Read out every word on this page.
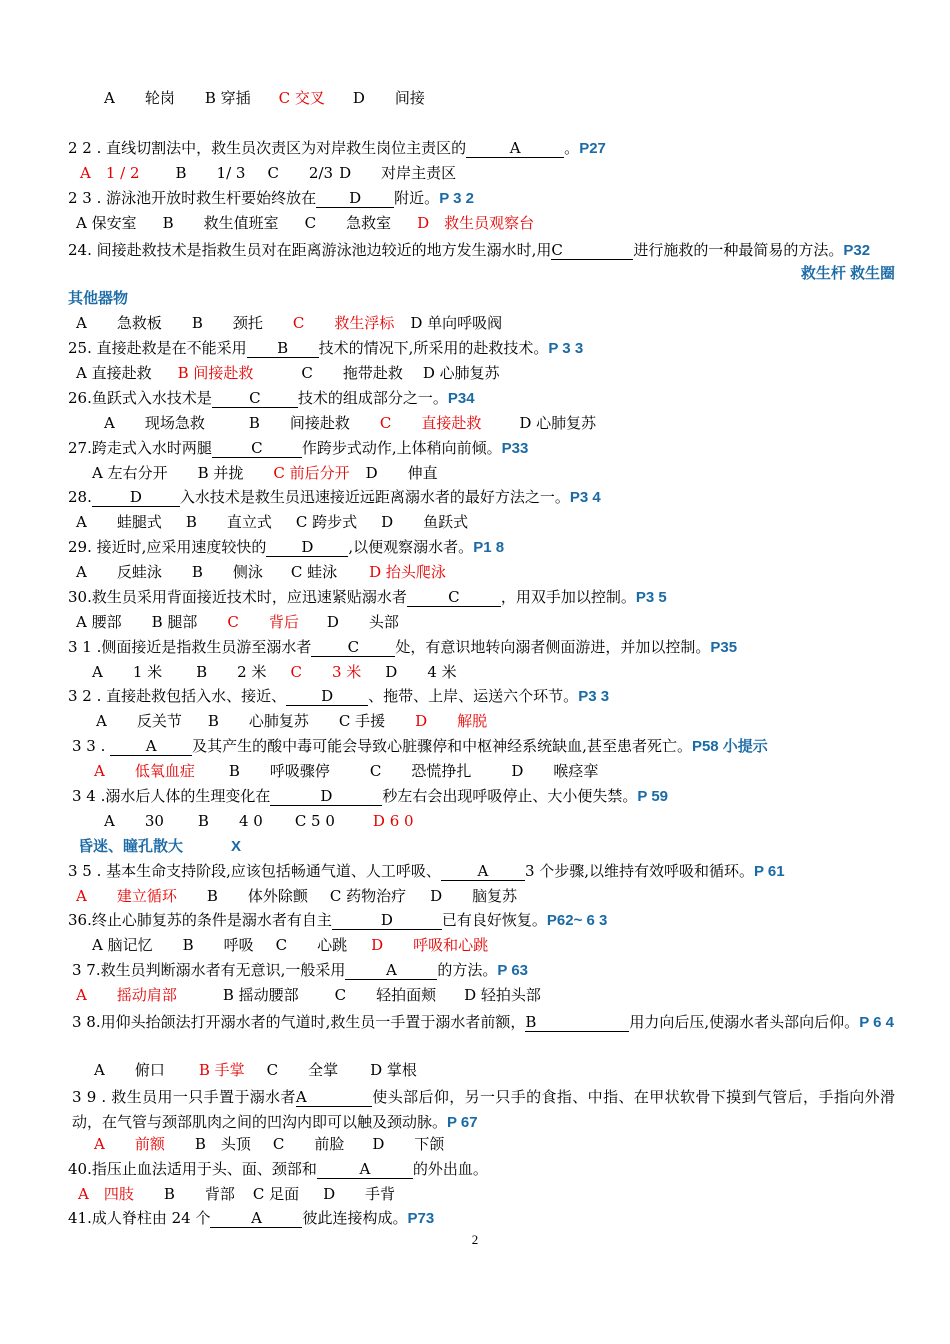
A　　轮岗 B 穿插 C 交叉 D　　间接
2 2 . 直线切割法中，救生员次责区为对岸救生岗位主责区的	A	。P27
A　1 / 2 B　　1/ 3 C　　2/3 D　　对岸主责区
2 3 . 游泳池开放时救生杆要始终放在 D 附近。P 3 2
A 保安室 B　　救生值班室 C　　急救室 D　救生员观察台
24. 间接赴救技术是指救生员对在距离游泳池边较近的地方发生溺水时,用C	进行施救的一种最简易的方法。P32
救生杆 救生圈
其他器物
A　　急救板 B　　颈托 C　　救生浮标 D 单向呼吸阀
25. 直接赴救是在不能采用 B 技术的情况下,所采用的赴救技术。P 3 3
A 直接赴救 B 间接赴救	C　　拖带赴救 D 心肺复苏
26.鱼跃式入水技术是 C 技术的组成部分之一。P34
A　　现场急救	B　　间接赴救 C　　直接赴救	D 心肺复苏
27.跨走式入水时两腿	C	作跨步式动作,上体稍向前倾。P33
A 左右分开 B 并拢 C 前后分开 D　　伸直
28.	D	入水技术是救生员迅速接近远距离溺水者的最好方法之一。P3 4
A　　蛙腿式 B　　直立式 C 跨步式 D　　鱼跃式
29. 接近时,应采用速度较快的 D ,以便观察溺水者。P1 8
A　　反蛙泳 B　　侧泳 C 蛙泳 D 抬头爬泳
30.救生员采用背面接近技术时，应迅速紧贴溺水者	C	，用双手加以控制。P3 5
A 腰部 B 腿部 C　　背后 D　　头部
3 1 .侧面接近是指救生员游至溺水者 C 处，有意识地转向溺者侧面游进，并加以控制。P35
A　　1 米 B　　2 米 C　　3 米 D　　4 米
3 2 . 直接赴救包括入水、接近、 D 、拖带、上岸、运送六个环节。P3 3
A　　反关节 B　　心肺复苏 C 手援 D　　解脱
3 3 . A 及其产生的酸中毒可能会导致心脏骤停和中枢神经系统缺血,甚至患者死亡。P58 小提示
A　　低氧血症 B　　呼吸骤停	C　　恐慌挣扎	D　　喉痉挛
3 4 .溺水后人体的生理变化在	D	秒左右会出现呼吸停止、大小便失禁。P 59
A　　30 B　　4 0 C 5 0	D 6 0
昏迷、瞳孔散大	X
3 5 . 基本生命支持阶段,应该包括畅通气道、人工呼吸、 A 3 个步骤,以维持有效呼吸和循环。P 61
A　　建立循环 B　　体外除颤 C 药物治疗 D　　脑复苏
36.终止心肺复苏的条件是溺水者有自主	D	已有良好恢复。P62~ 6 3
A 脑记忆 B　　呼吸 C　　心跳 D　　呼吸和心跳
3 7.救生员判断溺水者有无意识,一般采用	A	的方法。P 63
A　　摇动肩部	B 摇动腰部 C　　轻拍面颊 D 轻拍头部
3 8.用仰头抬颌法打开溺水者的气道时,救生员一手置于溺水者前额，B	用力向后压,使溺水者头部向后仰。P 6 4
A　　俯口 B 手掌 C　　全掌 D 掌根
3 9 . 救生员用一只手置于溺水者A	使头部后仰，另一只手的食指、中指、在甲状软骨下摸到气管后，手指向外滑动，在气管与颈部肌肉之间的凹沟内即可以触及颈动脉。P 67
A　　前额 B　头顶 C　　前脸 D　　下颌
40.指压止血法适用于头、面、颈部和	A	的外出血。
A　四肢 B　　背部 C 足面 D　　手背
41.成人脊柱由 24 个	A	彼此连接构成。P73
2
